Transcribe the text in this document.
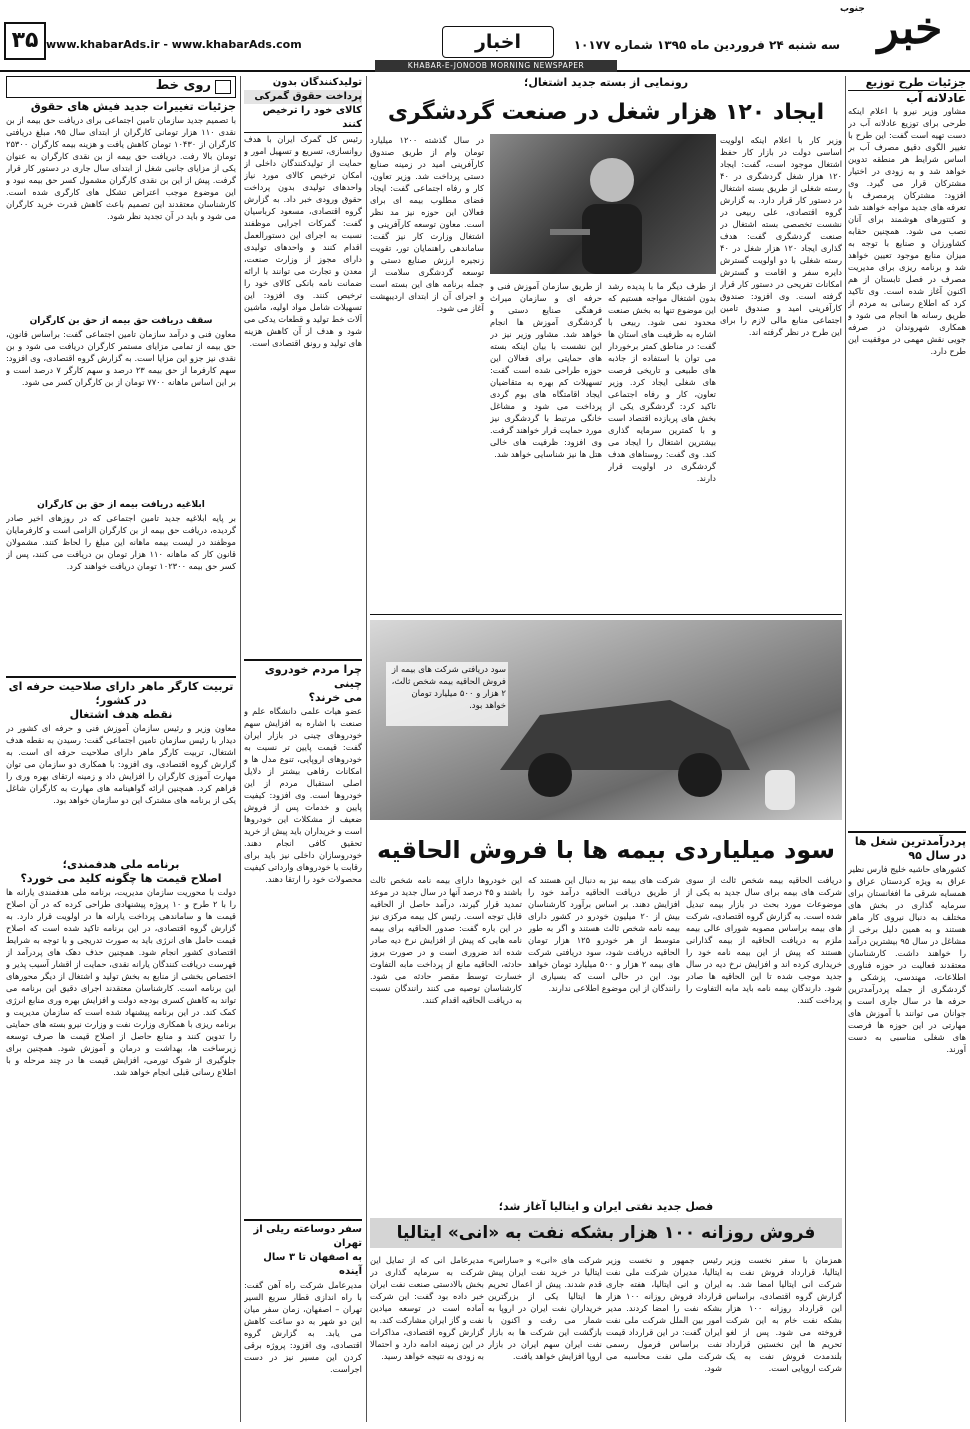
جنوب خبر
سه شنبه ۲۴ فروردین ماه ۱۳۹۵ شماره ۱۰۱۷۷
اخبار
www.khabarAds.ir - www.khabarAds.com
۳۵
KHABAR-E-JONOOB MORNING NEWSPAPER
جزئیات طرح توزیع
عادلانه آب
مشاور وزیر نیرو با اعلام اینکه طرحی برای توزیع عادلانه آب در دست تهیه است گفت: این طرح با تغییر الگوی دقیق مصرف آب بر اساس شرایط هر منطقه تدوین خواهد شد و به زودی در اختیار مشترکان قرار می گیرد. وی افزود: مشترکان پرمصرف با تعرفه های جدید مواجه خواهند شد و کنتورهای هوشمند برای آنان نصب می شود. همچنین حقابه کشاورزان و صنایع با توجه به میزان منابع موجود تعیین خواهد شد و برنامه ریزی برای مدیریت مصرف در فصل تابستان از هم اکنون آغاز شده است. وی تاکید کرد که اطلاع رسانی به مردم از طریق رسانه ها انجام می شود و همکاری شهروندان در صرفه جویی نقش مهمی در موفقیت این طرح دارد.
پردرآمدترین شغل ها
در سال ۹۵
کشورهای حاشیه خلیج فارس نظیر عراق به ویژه کردستان عراق و همسایه شرقی ما افغانستان برای سرمایه گذاری در بخش های مختلف به دنبال نیروی کار ماهر هستند و به همین دلیل برخی از مشاغل در سال ۹۵ بیشترین درآمد را خواهند داشت. کارشناسان معتقدند فعالیت در حوزه فناوری اطلاعات، مهندسی، پزشکی و گردشگری از جمله پردرآمدترین حرفه ها در سال جاری است و جوانان می توانند با آموزش های مهارتی در این حوزه ها فرصت های شغلی مناسبی به دست آورند.
رونمایی از بسته جدید اشتغال؛
ایجاد ۱۲۰ هزار شغل در صنعت گردشگری
وزیر کار با اعلام اینکه اولویت اساسی دولت در بازار کار حفظ اشتغال موجود است، گفت: ایجاد ۱۲۰ هزار شغل گردشگری در ۴۰ رسته شغلی از طریق بسته اشتغال در دستور کار قرار دارد. به گزارش گروه اقتصادی، علی ربیعی در نشست تخصصی بسته اشتغال در صنعت گردشگری گفت: هدف گذاری ایجاد ۱۲۰ هزار شغل در ۴۰ رسته شغلی با دو اولویت گسترش دایره سفر و اقامت و گسترش امکانات تفریحی در دستور کار قرار گرفته است. وی افزود: صندوق کارآفرینی امید و صندوق تامین اجتماعی منابع مالی لازم را برای این طرح در نظر گرفته اند.
از طرف دیگر ما با پدیده رشد بدون اشتغال مواجه هستیم که این موضوع تنها به بخش صنعت محدود نمی شود. ربیعی با اشاره به ظرفیت های استان ها گفت: در مناطق کمتر برخوردار می توان با استفاده از جاذبه های طبیعی و تاریخی فرصت های شغلی ایجاد کرد. وزیر تعاون، کار و رفاه اجتماعی تاکید کرد: گردشگری یکی از بخش های پربازده اقتصاد است و با کمترین سرمایه گذاری بیشترین اشتغال را ایجاد می کند. وی گفت: روستاهای هدف گردشگری در اولویت قرار دارند.
از طریق سازمان آموزش فنی و حرفه ای و سازمان میراث فرهنگی صنایع دستی و گردشگری آموزش ها انجام خواهد شد. مشاور وزیر نیز در این نشست با بیان اینکه بسته های حمایتی برای فعالان این حوزه طراحی شده است گفت: تسهیلات کم بهره به متقاضیان ایجاد اقامتگاه های بوم گردی پرداخت می شود و مشاغل خانگی مرتبط با گردشگری نیز مورد حمایت قرار خواهند گرفت. وی افزود: ظرفیت های خالی هتل ها نیز شناسایی خواهد شد.
در سال گذشته ۱۲۰۰ میلیارد تومان وام از طریق صندوق کارآفرینی امید در زمینه صنایع دستی پرداخت شد. وزیر تعاون، کار و رفاه اجتماعی گفت: ایجاد فضای مطلوب بیمه ای برای فعالان این حوزه نیز مد نظر است. معاون توسعه کارآفرینی و اشتغال وزارت کار نیز گفت: ساماندهی راهنمایان تور، تقویت زنجیره ارزش صنایع دستی و توسعه گردشگری سلامت از جمله برنامه های این بسته است و اجرای آن از ابتدای اردیبهشت آغاز می شود.
سود دریافتی شرکت های بیمه از فروش الحاقیه بیمه شخص ثالث، ۲ هزار و ۵۰۰ میلیارد تومان خواهد بود.
سود میلیاردی بیمه ها با فروش الحاقیه
دریافت الحاقیه بیمه شخص ثالث از سوی شرکت های بیمه برای سال جدید به یکی از موضوعات مورد بحث در بازار بیمه تبدیل شده است. به گزارش گروه اقتصادی، شرکت های بیمه براساس مصوبه شورای عالی بیمه ملزم به دریافت الحاقیه از بیمه گذارانی هستند که پیش از این بیمه نامه خود را خریداری کرده اند و افزایش نرخ دیه در سال جدید موجب شده تا این الحاقیه ها صادر شود. دارندگان بیمه نامه باید مابه التفاوت را پرداخت کنند.
شرکت های بیمه نیز به دنبال این هستند که از طریق دریافت الحاقیه درآمد خود را افزایش دهند. بر اساس برآورد کارشناسان بیش از ۲۰ میلیون خودرو در کشور دارای بیمه نامه شخص ثالث هستند و اگر به طور متوسط از هر خودرو ۱۲۵ هزار تومان الحاقیه دریافت شود، سود دریافتی شرکت های بیمه ۲ هزار و ۵۰۰ میلیارد تومان خواهد بود. این در حالی است که بسیاری از رانندگان از این موضوع اطلاعی ندارند.
این خودروها دارای بیمه نامه شخص ثالث باشند و ۴۵ درصد آنها در سال جدید در موعد تمدید قرار گیرند، درآمد حاصل از الحاقیه قابل توجه است. رئیس کل بیمه مرکزی نیز در این باره گفت: صدور الحاقیه برای بیمه نامه هایی که پیش از افزایش نرخ دیه صادر شده اند ضروری است و در صورت بروز حادثه، الحاقیه مانع از پرداخت مابه التفاوت خسارت توسط مقصر حادثه می شود. کارشناسان توصیه می کنند رانندگان نسبت به دریافت الحاقیه اقدام کنند.
فصل جدید نفتی ایران و ایتالیا آغاز شد؛
فروش روزانه ۱۰۰ هزار بشکه نفت به «انی» ایتالیا
همزمان با سفر نخست وزیر ایتالیا، قرارداد فروش نفت به شرکت انی ایتالیا امضا شد. به گزارش گروه اقتصادی، براساس این قرارداد روزانه ۱۰۰ هزار بشکه نفت خام به این شرکت فروخته می شود. پس از لغو تحریم ها این نخستین قرارداد بلندمدت فروش نفت به یک شرکت اروپایی است.
رئیس جمهور و نخست وزیر ایتالیا، مدیران شرکت ملی نفت ایران و انی ایتالیا، هفته جاری قرارداد فروش روزانه ۱۰۰ هزار بشکه نفت را امضا کردند. مدیر امور بین الملل شرکت ملی نفت ایران گفت: در این قرارداد قیمت نفت براساس فرمول رسمی شرکت ملی نفت محاسبه می شود.
شرکت های «انی» و «ساراس» ایتالیا در خرید نفت ایران پیش قدم شدند. پیش از اعمال تحریم ها ایتالیا یکی از بزرگترین خریداران نفت ایران در اروپا به شمار می رفت و اکنون با بازگشت این شرکت ها به بازار نفت ایران سهم ایران در بازار اروپا افزایش خواهد یافت.
مدیرعامل انی که از تمایل این شرکت به سرمایه گذاری در بخش بالادستی صنعت نفت ایران خبر داده بود گفت: این شرکت آماده است در توسعه میادین نفت و گاز ایران مشارکت کند. به گزارش گروه اقتصادی، مذاکرات در این زمینه ادامه دارد و احتمالا به زودی به نتیجه خواهد رسید.
تولیدکنندگان بدون
پرداخت حقوق گمرکی
کالای خود را ترخیص کنند
رئیس کل گمرک ایران با هدف روانسازی، تسریع و تسهیل امور و حمایت از تولیدکنندگان داخلی از امکان ترخیص کالای مورد نیاز واحدهای تولیدی بدون پرداخت حقوق ورودی خبر داد. به گزارش گروه اقتصادی، مسعود کرباسیان گفت: گمرکات اجرایی موظفند نسبت به اجرای این دستورالعمل اقدام کنند و واحدهای تولیدی دارای مجوز از وزارت صنعت، معدن و تجارت می توانند با ارائه ضمانت نامه بانکی کالای خود را ترخیص کنند. وی افزود: این تسهیلات شامل مواد اولیه، ماشین آلات خط تولید و قطعات یدکی می شود و هدف از آن کاهش هزینه های تولید و رونق اقتصادی است.
چرا مردم خودروی چینی
می خرند؟
عضو هیات علمی دانشگاه علم و صنعت با اشاره به افزایش سهم خودروهای چینی در بازار ایران گفت: قیمت پایین تر نسبت به خودروهای اروپایی، تنوع مدل ها و امکانات رفاهی بیشتر از دلایل اصلی استقبال مردم از این خودروها است. وی افزود: کیفیت پایین و خدمات پس از فروش ضعیف از مشکلات این خودروها است و خریداران باید پیش از خرید تحقیق کافی انجام دهند. خودروسازان داخلی نیز باید برای رقابت با خودروهای وارداتی کیفیت محصولات خود را ارتقا دهند.
سفر دوساعته ریلی از تهران
به اصفهان تا ۳ سال آینده
مدیرعامل شرکت راه آهن گفت: با راه اندازی قطار سریع السیر تهران – اصفهان، زمان سفر میان این دو شهر به دو ساعت کاهش می یابد. به گزارش گروه اقتصادی، وی افزود: پروژه برقی کردن این مسیر نیز در دست اجراست.
روی خط
جزئیات تغییرات جدید فیش های حقوق
با تصمیم جدید سازمان تامین اجتماعی برای دریافت حق بیمه از بن نقدی ۱۱۰ هزار تومانی کارگران از ابتدای سال ۹۵، مبلغ دریافتی کارگران از ۱۰۴۳۰ تومان کاهش یافت و هزینه بیمه کارگران ۲۵۳۰۰ تومان بالا رفت. دریافت حق بیمه از بن نقدی کارگران به عنوان یکی از مزایای جانبی شغل از ابتدای سال جاری در دستور کار قرار گرفت. پیش از این بن نقدی کارگران مشمول کسر حق بیمه نبود و این موضوع موجب اعتراض تشکل های کارگری شده است. کارشناسان معتقدند این تصمیم باعث کاهش قدرت خرید کارگران می شود و باید در آن تجدید نظر شود.
سقف دریافت حق بیمه از حق بن کارگران
معاون فنی و درآمد سازمان تامین اجتماعی گفت: براساس قانون، حق بیمه از تمامی مزایای مستمر کارگران دریافت می شود و بن نقدی نیز جزو این مزایا است. به گزارش گروه اقتصادی، وی افزود: سهم کارفرما از حق بیمه ۲۳ درصد و سهم کارگر ۷ درصد است و بر این اساس ماهانه ۷۷۰۰ تومان از بن کارگران کسر می شود.
ابلاغیه دریافت بیمه از حق بن کارگران
بر پایه ابلاغیه جدید تامین اجتماعی که در روزهای اخیر صادر گردیده، دریافت حق بیمه از بن کارگران الزامی است و کارفرمایان موظفند در لیست بیمه ماهانه این مبلغ را لحاظ کنند. مشمولان قانون کار که ماهانه ۱۱۰ هزار تومان بن دریافت می کنند، پس از کسر حق بیمه ۱۰۲۳۰۰ تومان دریافت خواهند کرد.
تربیت کارگر ماهر دارای صلاحیت حرفه ای در کشور؛
نقطه هدف اشتغال
معاون وزیر و رئیس سازمان آموزش فنی و حرفه ای کشور در دیدار با رئیس سازمان تامین اجتماعی گفت: رسیدن به نقطه هدف اشتغال، تربیت کارگر ماهر دارای صلاحیت حرفه ای است. به گزارش گروه اقتصادی، وی افزود: با همکاری دو سازمان می توان مهارت آموزی کارگران را افزایش داد و زمینه ارتقای بهره وری را فراهم کرد. همچنین ارائه گواهینامه های مهارت به کارگران شاغل یکی از برنامه های مشترک این دو سازمان خواهد بود.
برنامه ملی هدفمندی؛
اصلاح قیمت ها چگونه کلید می خورد؟
دولت با محوریت سازمان مدیریت، برنامه ملی هدفمندی یارانه ها را با ۲ طرح و ۱۰ پروژه پیشنهادی طراحی کرده که در آن اصلاح قیمت ها و ساماندهی پرداخت یارانه ها در اولویت قرار دارد. به گزارش گروه اقتصادی، در این برنامه تاکید شده است که اصلاح قیمت حامل های انرژی باید به صورت تدریجی و با توجه به شرایط اقتصادی کشور انجام شود. همچنین حذف دهک های پردرآمد از فهرست دریافت کنندگان یارانه نقدی، حمایت از اقشار آسیب پذیر و اختصاص بخشی از منابع به بخش تولید و اشتغال از دیگر محورهای این برنامه است. کارشناسان معتقدند اجرای دقیق این برنامه می تواند به کاهش کسری بودجه دولت و افزایش بهره وری منابع انرژی کمک کند. در این برنامه پیشنهاد شده است که سازمان مدیریت و برنامه ریزی با همکاری وزارت نفت و وزارت نیرو بسته های حمایتی را تدوین کنند و منابع حاصل از اصلاح قیمت ها صرف توسعه زیرساخت ها، بهداشت و درمان و آموزش شود. همچنین برای جلوگیری از شوک تورمی، افزایش قیمت ها در چند مرحله و با اطلاع رسانی قبلی انجام خواهد شد.
